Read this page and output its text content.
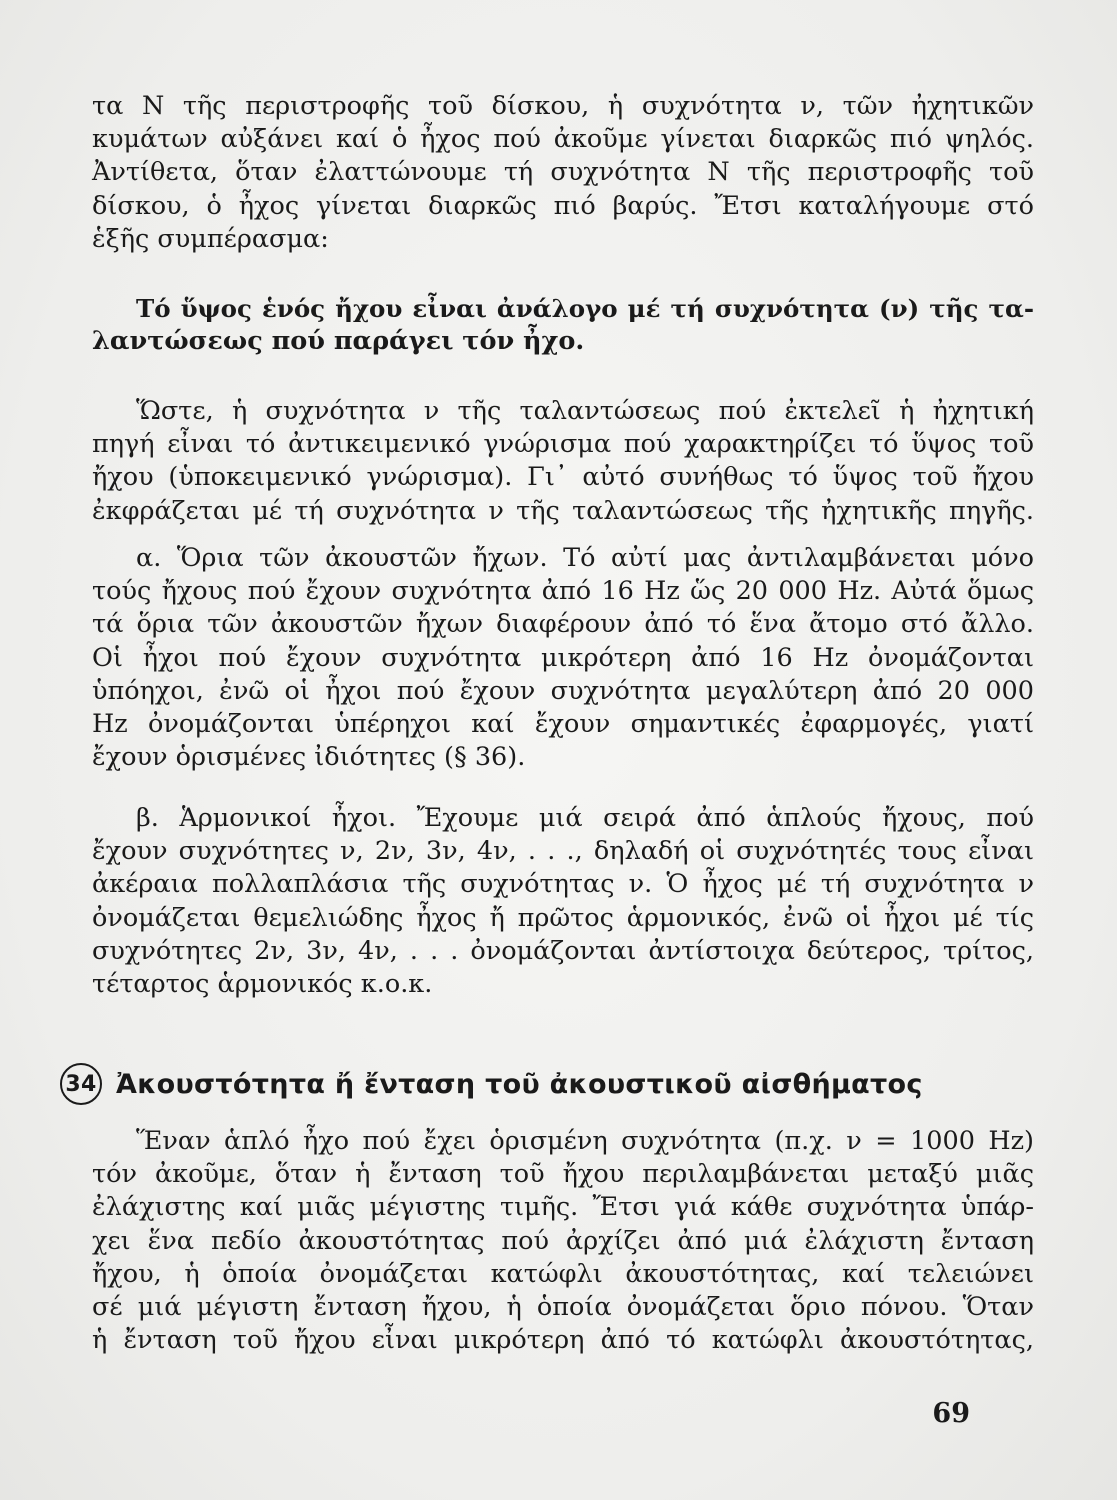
τα Ν τῆς περιστροφῆς τοῦ δίσκου, ἡ συχνότητα ν, τῶν ἠχητικῶν
κυμάτων αὐξάνει καί ὁ ἦχος πού ἀκοῦμε γίνεται διαρκῶς πιό ψηλός.
Ἀντίθετα, ὅταν ἐλαττώνουμε τή συχνότητα Ν τῆς περιστροφῆς τοῦ
δίσκου, ὁ ἦχος γίνεται διαρκῶς πιό βαρύς. Ἔτσι καταλήγουμε στό
ἑξῆς συμπέρασμα:
Τό ὕψος ἑνός ἤχου εἶναι ἀνάλογο μέ τή συχνότητα (ν) τῆς τα-
λαντώσεως πού παράγει τόν ἦχο.
Ὥστε, ἡ συχνότητα ν τῆς ταλαντώσεως πού ἐκτελεῖ ἡ ἠχητική
πηγή εἶναι τό ἀντικειμενικό γνώρισμα πού χαρακτηρίζει τό ὕψος τοῦ
ἤχου (ὑποκειμενικό γνώρισμα). Γι᾿ αὐτό συνήθως τό ὕψος τοῦ ἤχου
ἐκφράζεται μέ τή συχνότητα ν τῆς ταλαντώσεως τῆς ἠχητικῆς πηγῆς.
α. Ὅρια τῶν ἀκουστῶν ἤχων. Τό αὐτί μας ἀντιλαμβάνεται μόνο
τούς ἤχους πού ἔχουν συχνότητα ἀπό 16 Hz ὥς 20 000 Hz. Αὐτά ὅμως
τά ὅρια τῶν ἀκουστῶν ἤχων διαφέρουν ἀπό τό ἕνα ἄτομο στό ἄλλο.
Οἱ ἦχοι πού ἔχουν συχνότητα μικρότερη ἀπό 16 Hz ὀνομάζονται
ὑπόηχοι, ἐνῶ οἱ ἦχοι πού ἔχουν συχνότητα μεγαλύτερη ἀπό 20 000
Hz ὀνομάζονται ὑπέρηχοι καί ἔχουν σημαντικές ἐφαρμογές, γιατί
ἔχουν ὁρισμένες ἰδιότητες (§ 36).
β. Ἁρμονικοί ἦχοι. Ἔχουμε μιά σειρά ἀπό ἁπλούς ἤχους, πού
ἔχουν συχνότητες ν, 2ν, 3ν, 4ν, . . ., δηλαδή οἱ συχνότητές τους εἶναι
ἀκέραια πολλαπλάσια τῆς συχνότητας ν. Ὁ ἦχος μέ τή συχνότητα ν
ὀνομάζεται θεμελιώδης ἦχος ἤ πρῶτος ἁρμονικός, ἐνῶ οἱ ἦχοι μέ τίς
συχνότητες 2ν, 3ν, 4ν, . . . ὀνομάζονται ἀντίστοιχα δεύτερος, τρίτος,
τέταρτος ἁρμονικός κ.ο.κ.
Ἕναν ἁπλό ἦχο πού ἔχει ὁρισμένη συχνότητα (π.χ. ν = 1000 Hz)
τόν ἀκοῦμε, ὅταν ἡ ἔνταση τοῦ ἤχου περιλαμβάνεται μεταξύ μιᾶς
ἐλάχιστης καί μιᾶς μέγιστης τιμῆς. Ἔτσι γιά κάθε συχνότητα ὑπάρ-
χει ἕνα πεδίο ἀκουστότητας πού ἀρχίζει ἀπό μιά ἐλάχιστη ἔνταση
ἤχου, ἡ ὁποία ὀνομάζεται κατώφλι ἀκουστότητας, καί τελειώνει
σέ μιά μέγιστη ἔνταση ἤχου, ἡ ὁποία ὀνομάζεται ὅριο πόνου. Ὅταν
ἡ ἔνταση τοῦ ἤχου εἶναι μικρότερη ἀπό τό κατώφλι ἀκουστότητας,
34 Ἀκουστότητα ἤ ἔνταση τοῦ ἀκουστικοῦ αἰσθήματος
69
